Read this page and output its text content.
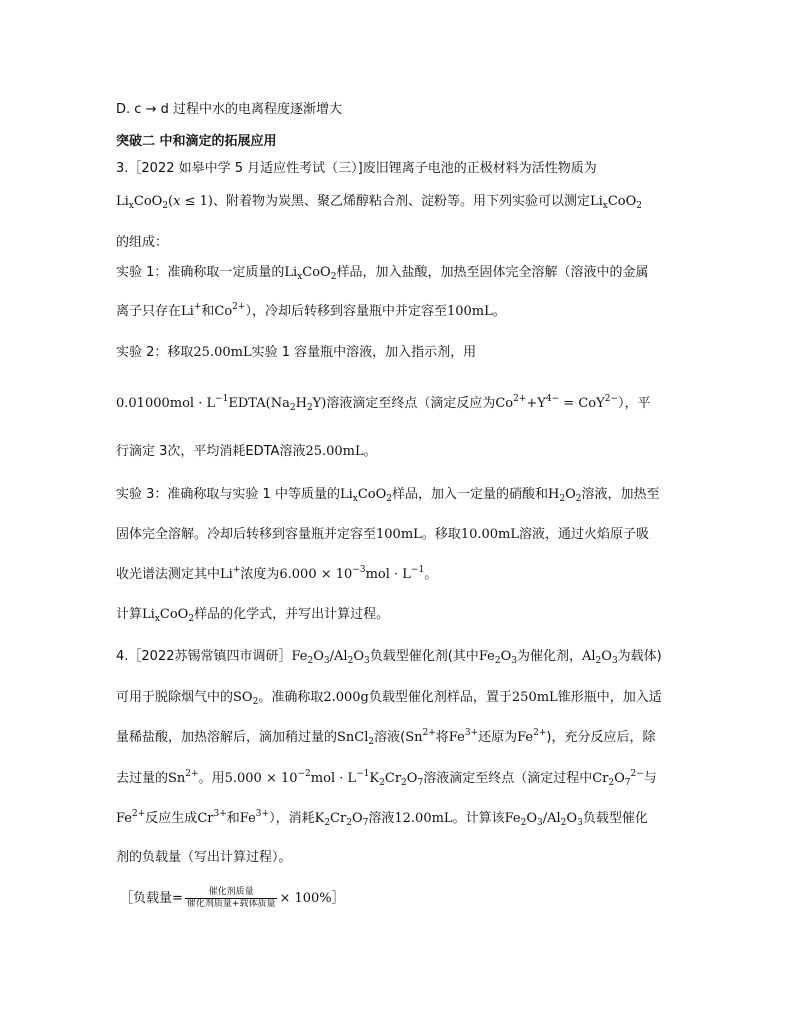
D. c → d 过程中水的电离程度逐渐增大
突破二 中和滴定的拓展应用
3.［2022 如皋中学 5 月适应性考试（三）]废旧锂离子电池的正极材料为活性物质为
$Li_xCoO_2(x \le 1)$、附着物为炭黑、聚乙烯醇粘合剂、淀粉等。用下列实验可以测定$Li_xCoO_2$
的组成：
实验 1：准确称取一定质量的$Li_xCoO_2$样品，加入盐酸，加热至固体完全溶解（溶液中的金属
离子只存在Li+和$Co^{2+}$），冷却后转移到容量瓶中并定容至100mL。
实验 2：移取25.00mL实验 1 容量瓶中溶液，加入指示剂，用
$0.01000mol \cdot L^{-1}EDTA(Na_2H_2Y)$溶液滴定至终点（滴定反应为$Co^{2+}+Y^{4-} = CoY^{2-}$），平
行滴定 3次，平均消耗EDTA溶液25.00mL。
实验 3：准确称取与实验 1 中等质量的$Li_xCoO_2$样品，加入一定量的硝酸和$H_2O_2$溶液，加热至
固体完全溶解。冷却后转移到容量瓶并定容至100mL。移取10.00mL溶液，通过火焰原子吸
收光谱法测定其中Li+浓度为$6.000 \times 10^{-3}mol \cdot L^{-1}$。
计算$Li_xCoO_2$样品的化学式，并写出计算过程。
4.［2022苏锡常镇四市调研$]Fe_2O_3/Al_2O_3$负载型催化剂(其中$Fe_2O_3$为催化剂，$Al_2O_3$为载体)
可用于脱除烟气中的$SO_2$。准确称取2.000g负载型催化剂样品，置于250mL锥形瓶中，加入适
量稀盐酸，加热溶解后，滴加稍过量的SnCl$_2$溶液($Sn^{2+}$将$Fe^{3+}$还原为$Fe^{2+}$)，充分反应后，除
去过量的$Sn^{2+}$。用$5.000 \times 10^{-2}mol \cdot L^{-1}K_2Cr_2O_7$溶液滴定至终点（滴定过程中$Cr_2O_7^{2-}$与
$Fe^{2+}$反应生成$Cr^{3+}$和$Fe^{3+}$），消耗$K_2Cr_2O_7$溶液12.00mL。计算该$Fe_2O_3/Al_2O_3$负载型催化
剂的负载量（写出计算过程）。
［负载量= $\frac{\text{催化剂质量}}{\text{催化剂质量+载体质量}}$ × 100%］
